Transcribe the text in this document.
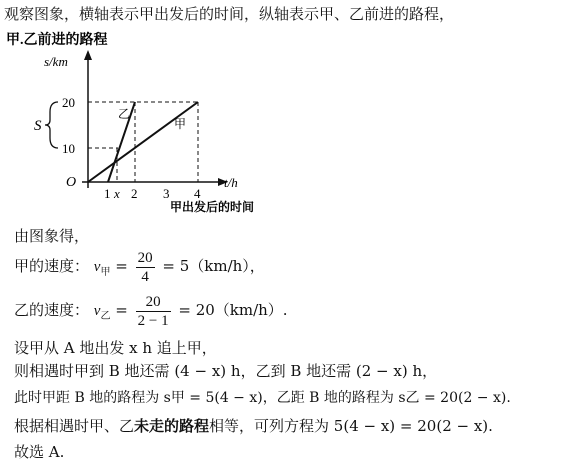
观察图象，横轴表示甲出发后的时间，纵轴表示甲、乙前进的路程，
甲.乙前进的路程
s/km
t/h
O
乙
甲
20
10
S
1 x 2 3 4
甲出发后的时间
由图象得，
甲的速度： $v_甲 = \frac{20}{4} = 5(km/h)$，
乙的速度： $v_乙 = \frac{20}{2 - 1} = 20(km/h)$.
设甲从 A 地出发 x h 追上甲，
则相遇时甲到 B 地还需 (4 − x) h，乙到 B 地还需 (2 − x) h，
此时甲距 B 地的路程为 s甲 = 5(4 − x)，乙距 B 地的路程为 s乙 = 20(2 − x).
根据相遇时甲、乙未走的路程相等，可列方程为 5(4 − x) = 20(2 − x).
故选 A.
